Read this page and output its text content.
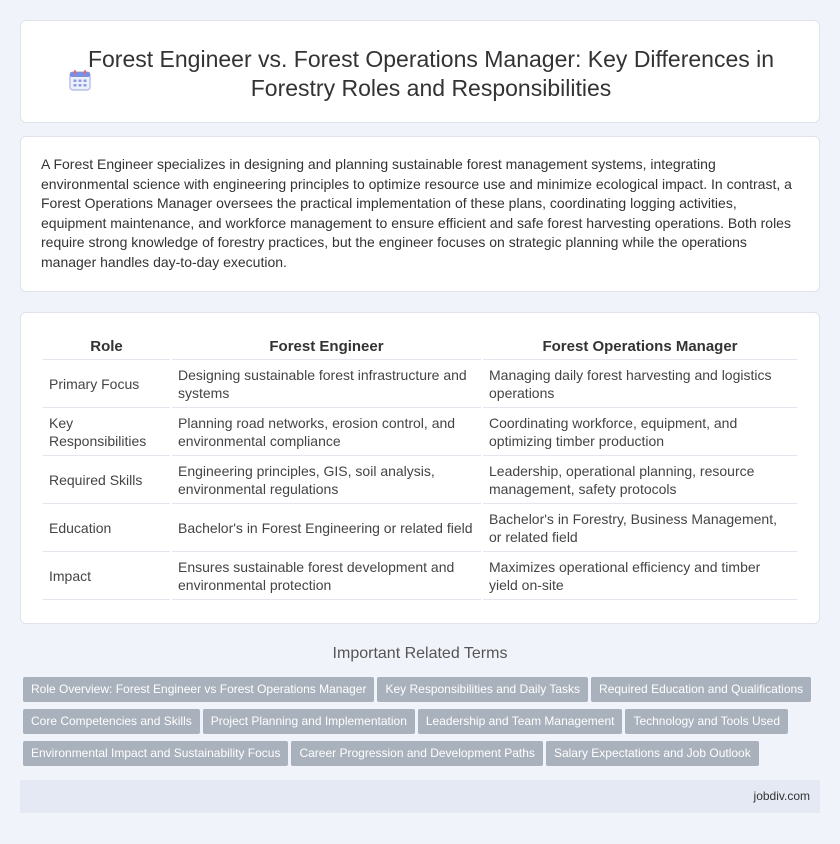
Forest Engineer vs. Forest Operations Manager: Key Differences in Forestry Roles and Responsibilities

A Forest Engineer specializes in designing and planning sustainable forest management systems, integrating environmental science with engineering principles to optimize resource use and minimize ecological impact. In contrast, a Forest Operations Manager oversees the practical implementation of these plans, coordinating logging activities, equipment maintenance, and workforce management to ensure efficient and safe forest harvesting operations. Both roles require strong knowledge of forestry practices, but the engineer focuses on strategic planning while the operations manager handles day-to-day execution.

Role	Forest Engineer	Forest Operations Manager
Primary Focus	Designing sustainable forest infrastructure and systems	Managing daily forest harvesting and logistics operations
Key Responsibilities	Planning road networks, erosion control, and environmental compliance	Coordinating workforce, equipment, and optimizing timber production
Required Skills	Engineering principles, GIS, soil analysis, environmental regulations	Leadership, operational planning, resource management, safety protocols
Education	Bachelor's in Forest Engineering or related field	Bachelor's in Forestry, Business Management, or related field
Impact	Ensures sustainable forest development and environmental protection	Maximizes operational efficiency and timber yield on-site
Important Related Terms
Role Overview: Forest Engineer vs Forest Operations Manager Key Responsibilities and Daily Tasks Required Education and Qualifications Core Competencies and Skills Project Planning and Implementation Leadership and Team Management Technology and Tools Used Environmental Impact and Sustainability Focus Career Progression and Development Paths Salary Expectations and Job Outlook
jobdiv.com
